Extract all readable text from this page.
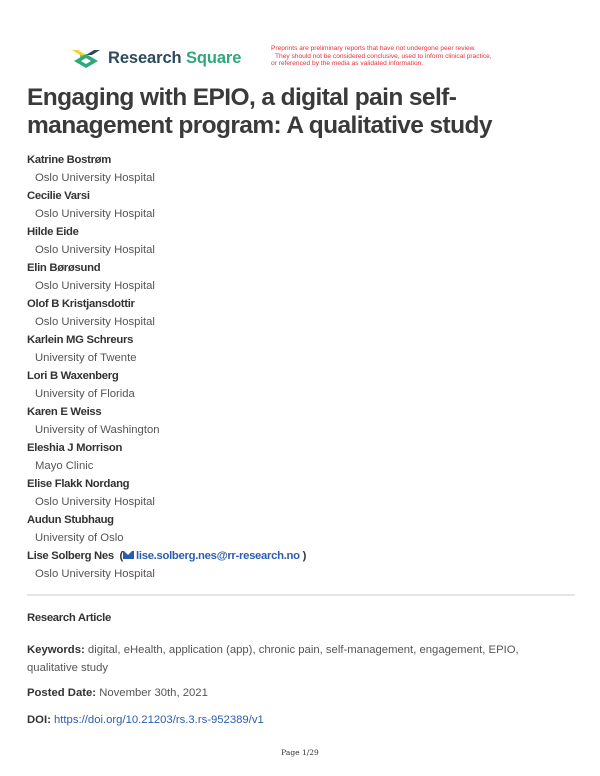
Research Square	Preprints are preliminary reports that have not undergone peer review.
They should not be considered conclusive, used to inform clinical practice,
or referenced by the media as validated information.
Engaging with EPIO, a digital pain self-management program: A qualitative study
Katrine Bostrøm
Oslo University Hospital
Cecilie Varsi
Oslo University Hospital
Hilde Eide
Oslo University Hospital
Elin Børøsund
Oslo University Hospital
Olof B Kristjansdottir
Oslo University Hospital
Karlein MG Schreurs
University of Twente
Lori B Waxenberg
University of Florida
Karen E Weiss
University of Washington
Eleshia J Morrison
Mayo Clinic
Elise Flakk Nordang
Oslo University Hospital
Audun Stubhaug
University of Oslo
Lise Solberg Nes  ( lise.solberg.nes@rr-research.no )
Oslo University Hospital
Research Article
Keywords: digital, eHealth, application (app), chronic pain, self-management, engagement, EPIO, qualitative study
Posted Date: November 30th, 2021
DOI: https://doi.org/10.21203/rs.3.rs-952389/v1
Page 1/29
